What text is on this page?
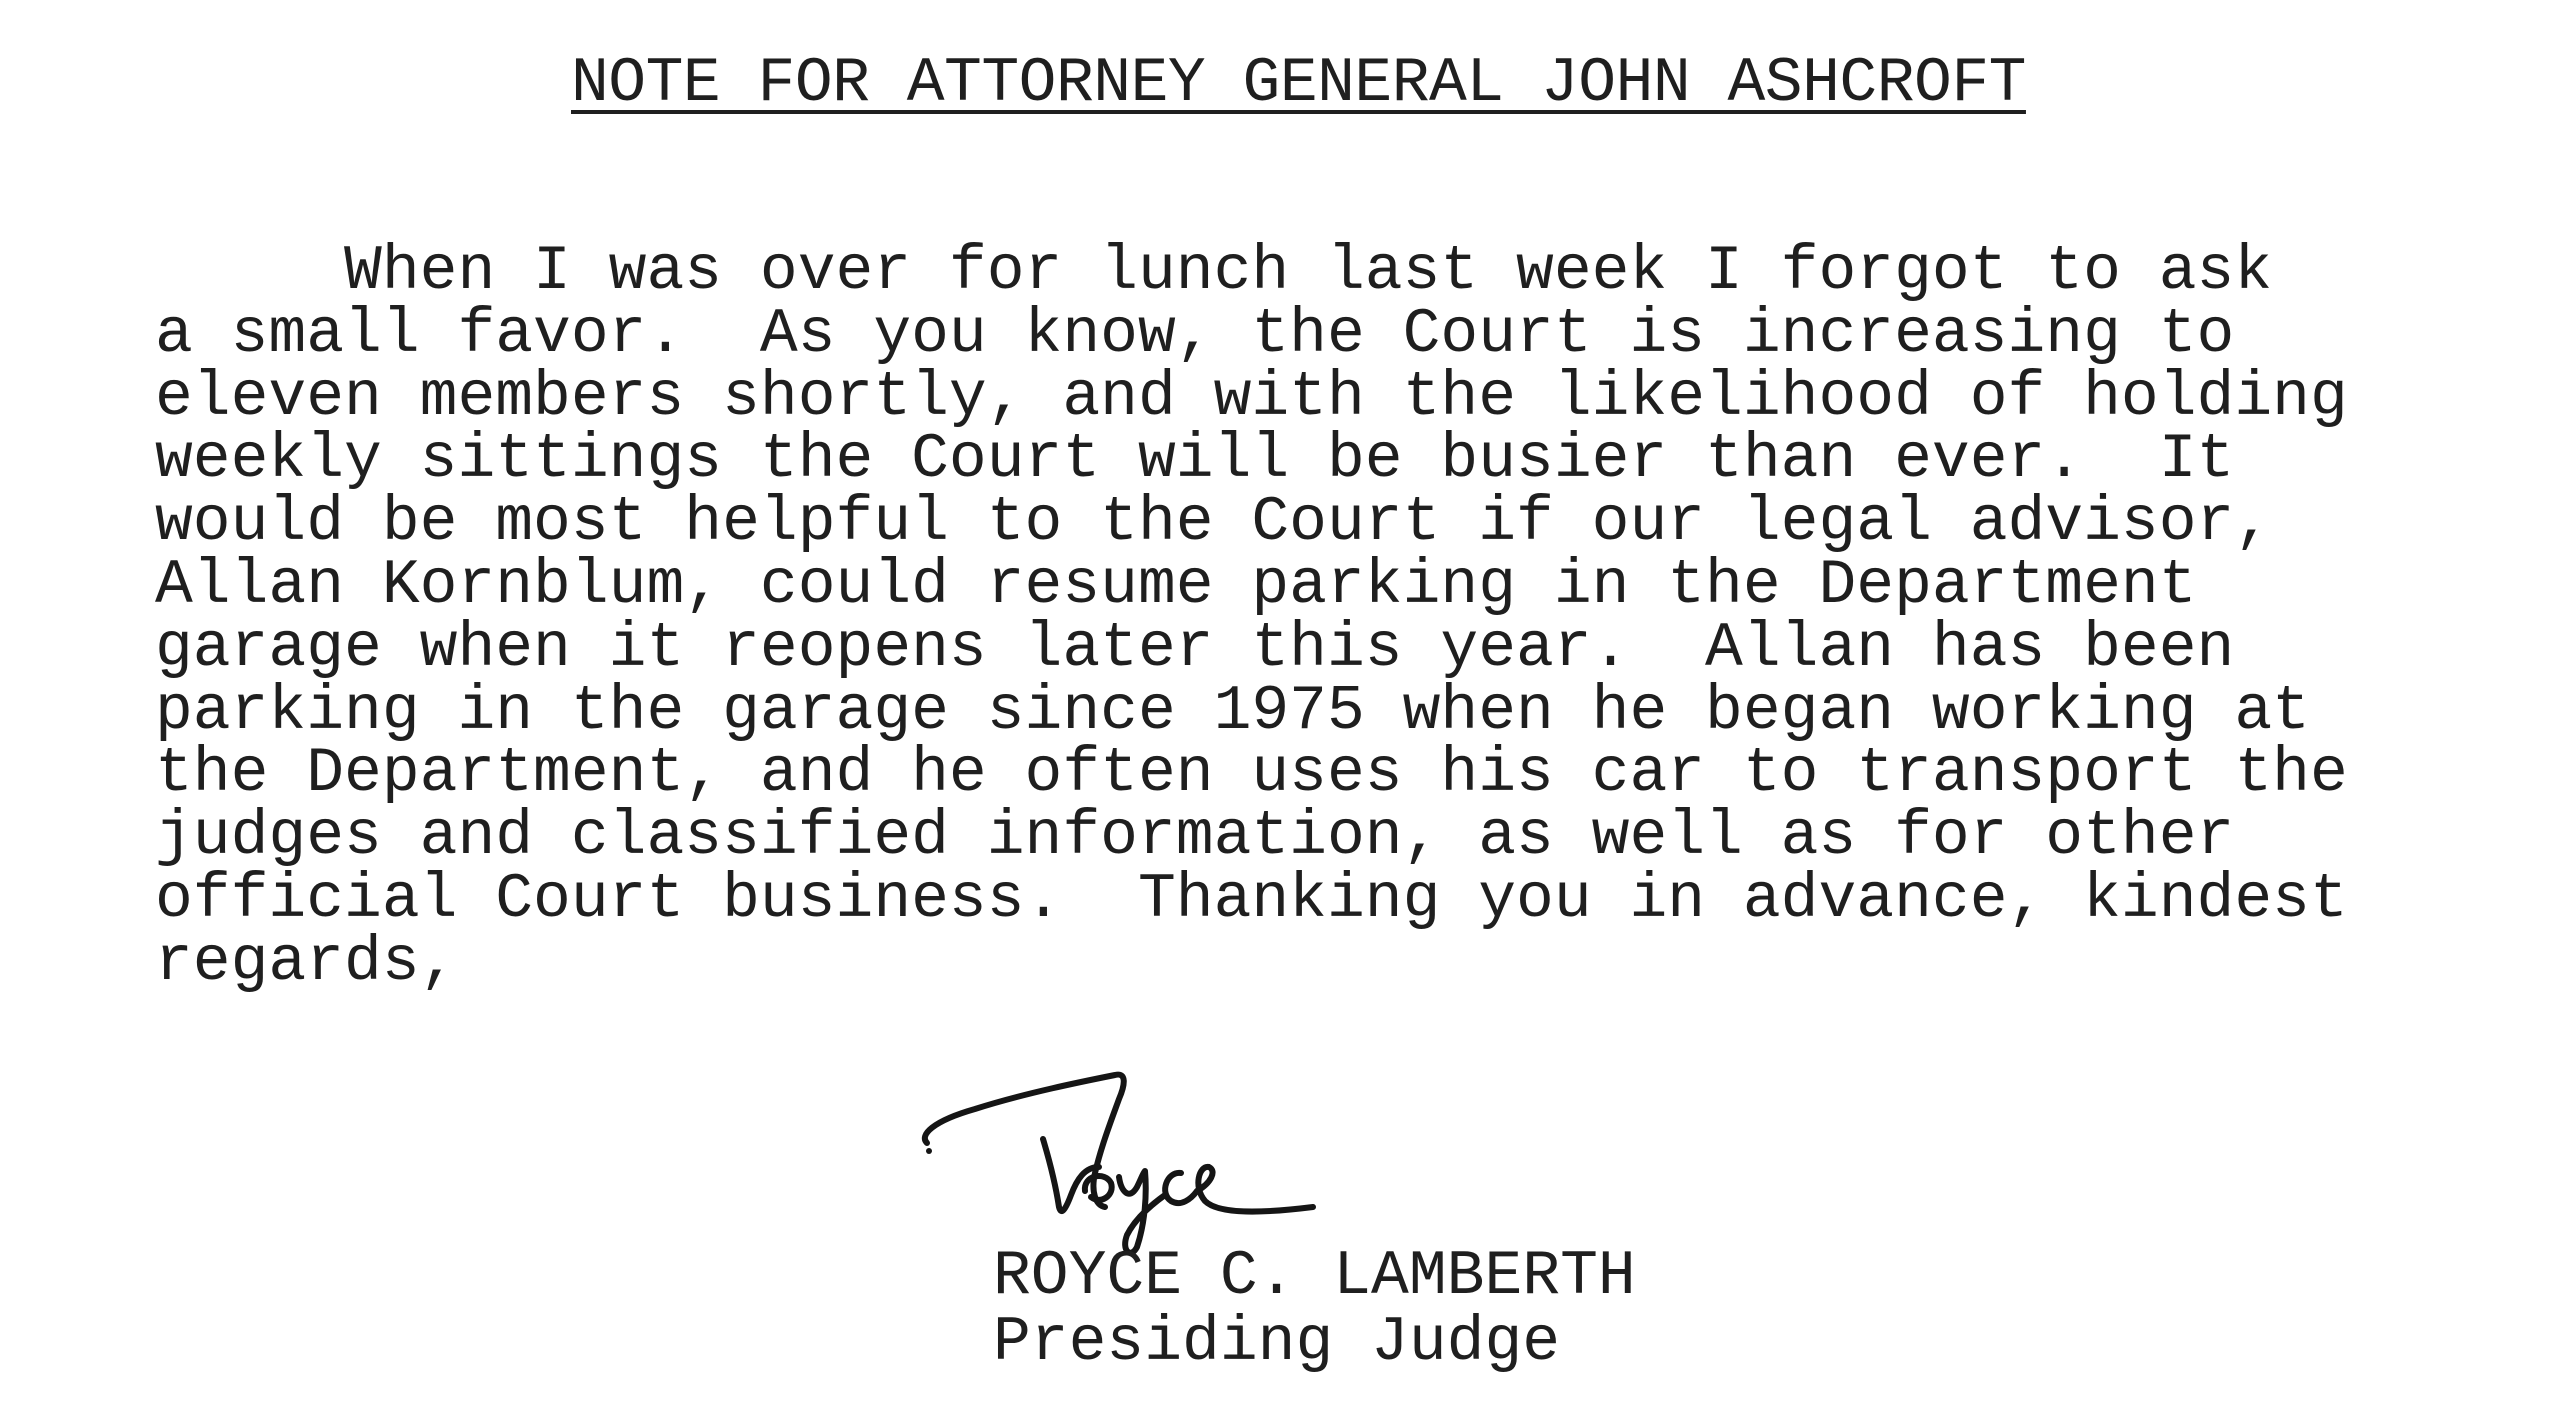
NOTE FOR ATTORNEY GENERAL JOHN ASHCROFT
When I was over for lunch last week I forgot to ask
a small favor.  As you know, the Court is increasing to
eleven members shortly, and with the likelihood of holding
weekly sittings the Court will be busier than ever.  It
would be most helpful to the Court if our legal advisor,
Allan Kornblum, could resume parking in the Department
garage when it reopens later this year.  Allan has been
parking in the garage since 1975 when he began working at
the Department, and he often uses his car to transport the
judges and classified information, as well as for other
official Court business.  Thanking you in advance, kindest
regards,
ROYCE C. LAMBERTH
Presiding Judge
